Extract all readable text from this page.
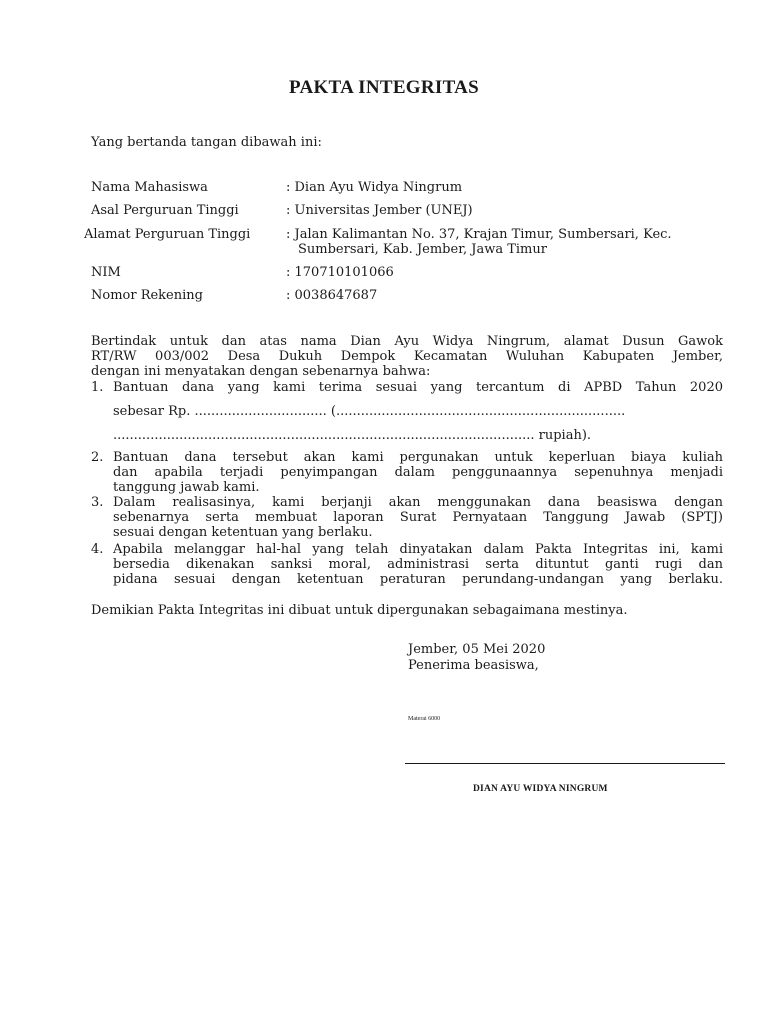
PAKTA INTEGRITAS
Yang bertanda tangan dibawah ini:
Nama Mahasiswa	: Dian Ayu Widya Ningrum
Asal Perguruan Tinggi	: Universitas Jember (UNEJ)
Alamat Perguruan Tinggi	: Jalan Kalimantan No. 37, Krajan Timur, Sumbersari, Kec.
Sumbersari, Kab. Jember, Jawa Timur
NIM	: 170710101066
Nomor Rekening	: 0038647687
Bertindak untuk dan atas nama Dian Ayu Widya Ningrum, alamat Dusun Gawok
RT/RW 003/002 Desa Dukuh Dempok Kecamatan Wuluhan Kabupaten Jember,
dengan ini menyatakan dengan sebenarnya bahwa:
1. Bantuan dana yang kami terima sesuai yang tercantum di APBD Tahun 2020
sebesar Rp. ................................ (......................................................................
...................................................................................................... rupiah).
2. Bantuan dana tersebut akan kami pergunakan untuk keperluan biaya kuliah
dan apabila terjadi penyimpangan dalam penggunaannya sepenuhnya menjadi
tanggung jawab kami.
3. Dalam realisasinya, kami berjanji akan menggunakan dana beasiswa dengan
sebenarnya serta membuat laporan Surat Pernyataan Tanggung Jawab (SPTJ)
sesuai dengan ketentuan yang berlaku.
4. Apabila melanggar hal-hal yang telah dinyatakan dalam Pakta Integritas ini, kami
bersedia dikenakan sanksi moral, administrasi serta dituntut ganti rugi dan
pidana sesuai dengan ketentuan peraturan perundang-undangan yang berlaku.
Demikian Pakta Integritas ini dibuat untuk dipergunakan sebagaimana mestinya.
Jember, 05 Mei 2020
Penerima beasiswa,
Materai 6000
DIAN AYU WIDYA NINGRUM
